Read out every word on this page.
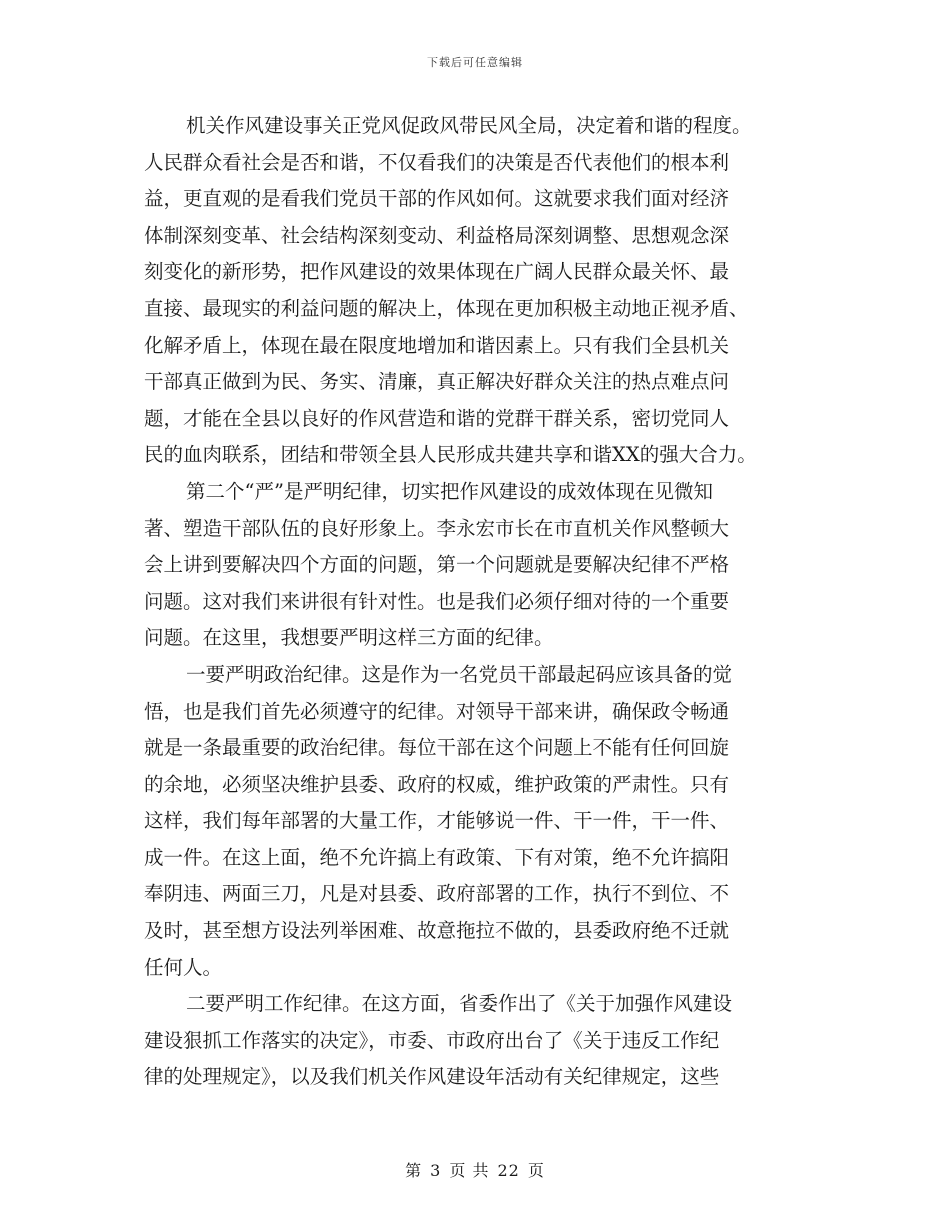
下载后可任意编辑
机关作风建设事关正党风促政风带民风全局，决定着和谐的程度。
人民群众看社会是否和谐，不仅看我们的决策是否代表他们的根本利
益，更直观的是看我们党员干部的作风如何。这就要求我们面对经济
体制深刻变革、社会结构深刻变动、利益格局深刻调整、思想观念深
刻变化的新形势，把作风建设的效果体现在广阔人民群众最关怀、最
直接、最现实的利益问题的解决上，体现在更加积极主动地正视矛盾、
化解矛盾上，体现在最在限度地增加和谐因素上。只有我们全县机关
干部真正做到为民、务实、清廉，真正解决好群众关注的热点难点问
题，才能在全县以良好的作风营造和谐的党群干群关系，密切党同人
民的血肉联系，团结和带领全县人民形成共建共享和谐XX的强大合力。
第二个“严”是严明纪律，切实把作风建设的成效体现在见微知
著、塑造干部队伍的良好形象上。李永宏市长在市直机关作风整顿大
会上讲到要解决四个方面的问题，第一个问题就是要解决纪律不严格
问题。这对我们来讲很有针对性。也是我们必须仔细对待的一个重要
问题。在这里，我想要严明这样三方面的纪律。
一要严明政治纪律。这是作为一名党员干部最起码应该具备的觉
悟，也是我们首先必须遵守的纪律。对领导干部来讲，确保政令畅通
就是一条最重要的政治纪律。每位干部在这个问题上不能有任何回旋
的余地，必须坚决维护县委、政府的权威，维护政策的严肃性。只有
这样，我们每年部署的大量工作，才能够说一件、干一件，干一件、
成一件。在这上面，绝不允许搞上有政策、下有对策，绝不允许搞阳
奉阴违、两面三刀，凡是对县委、政府部署的工作，执行不到位、不
及时，甚至想方设法列举困难、故意拖拉不做的，县委政府绝不迁就
任何人。
二要严明工作纪律。在这方面，省委作出了《关于加强作风建设
建设狠抓工作落实的决定》，市委、市政府出台了《关于违反工作纪
律的处理规定》，以及我们机关作风建设年活动有关纪律规定，这些
第 3 页 共 22 页
